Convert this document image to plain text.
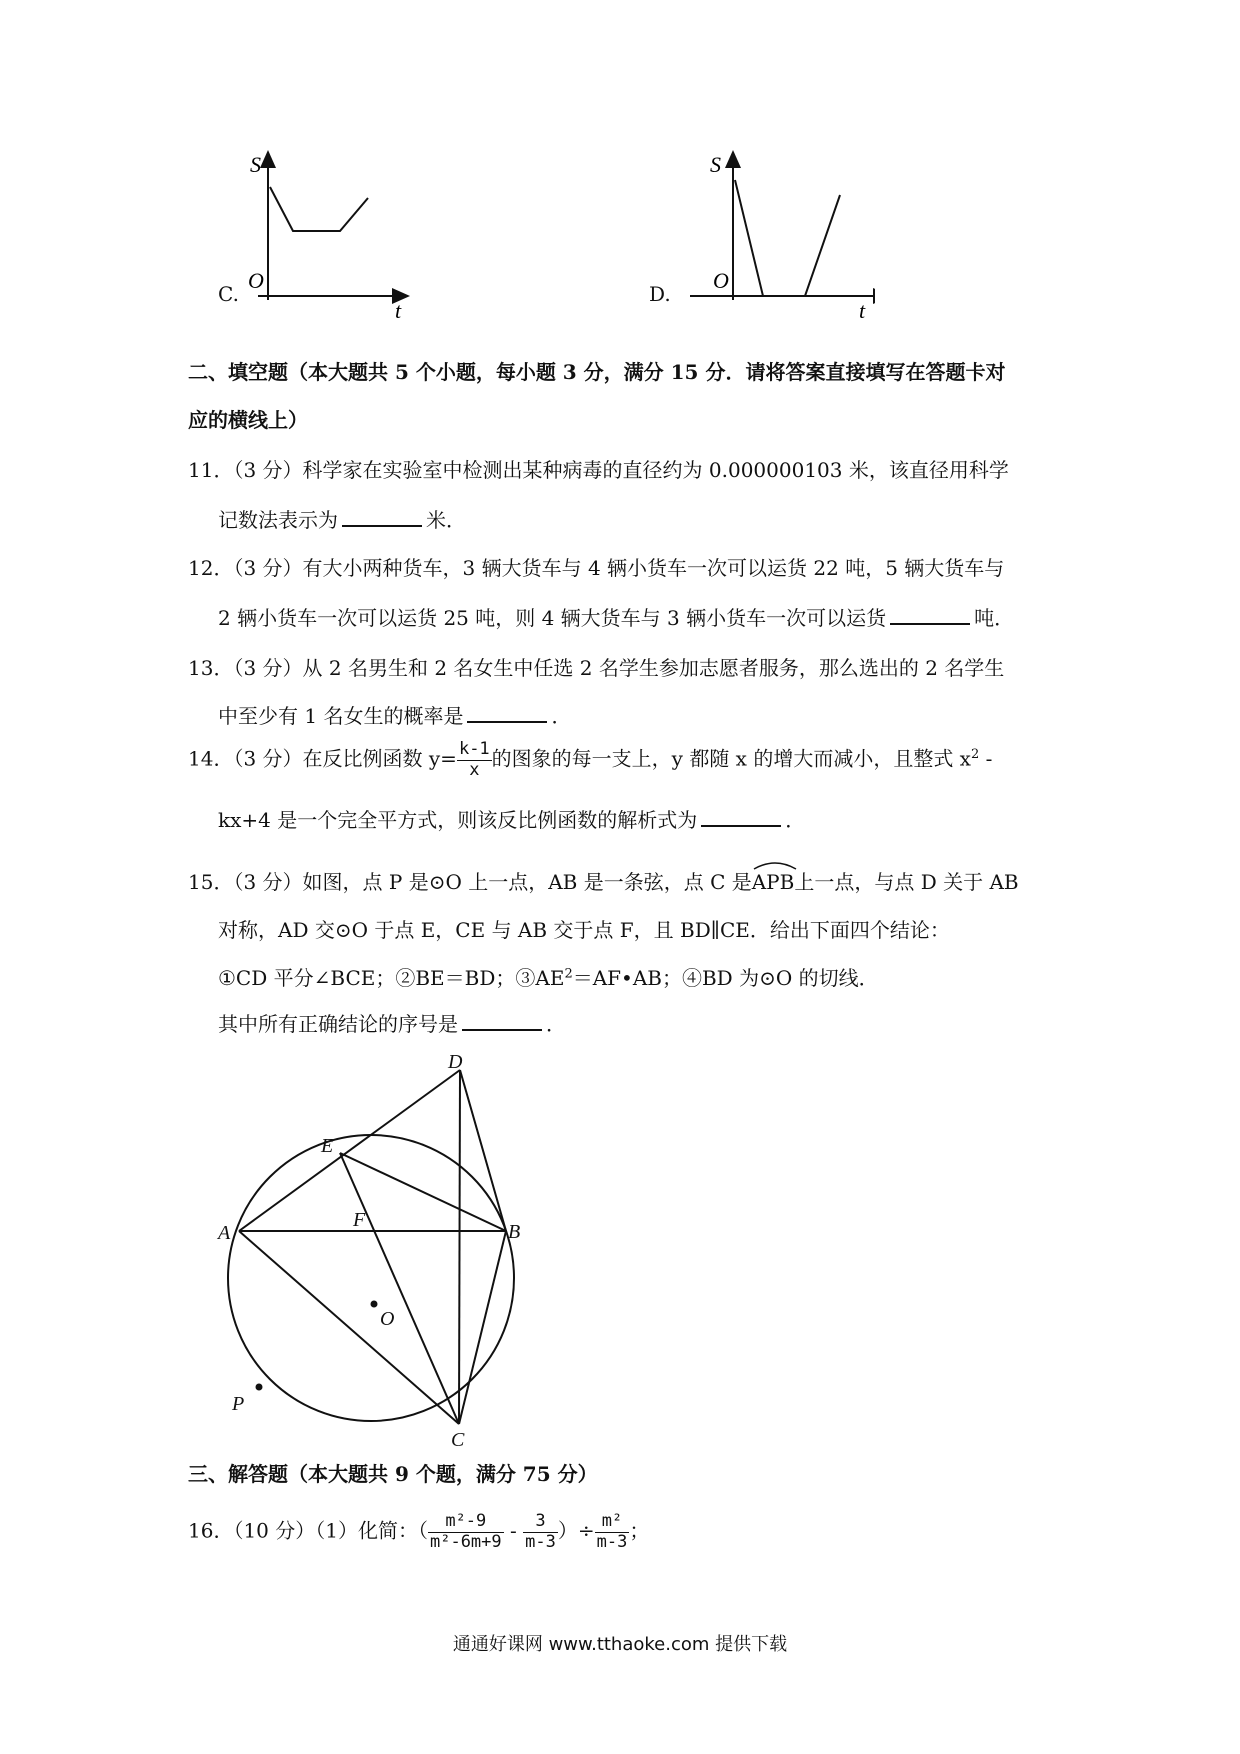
C.
S
t
O
D.
S
t
O
二、填空题（本大题共 5 个小题，每小题 3 分，满分 15 分．请将答案直接填写在答题卡对
应的横线上）
11．（3 分）科学家在实验室中检测出某种病毒的直径约为 0.000000103 米，该直径用科学
记数法表示为	米．
12．（3 分）有大小两种货车，3 辆大货车与 4 辆小货车一次可以运货 22 吨，5 辆大货车与
2 辆小货车一次可以运货 25 吨，则 4 辆大货车与 3 辆小货车一次可以运货	吨．
13．（3 分）从 2 名男生和 2 名女生中任选 2 名学生参加志愿者服务，那么选出的 2 名学生
中至少有 1 名女生的概率是	．
14．（3 分）在反比例函数 $y= \frac{k-1}{x}$ 的图象的每一支上，y 都随 x 的增大而减小，且整式 $x^2$ -
kx+4 是一个完全平方式，则该反比例函数的解析式为	．
15．（3 分）如图，点 P 是⊙O 上一点，AB 是一条弦，点 C 是
APB上一点，与点 D 关于 AB
对称，AD 交⊙O 于点 E，CE 与 AB 交于点 F，且 BD∥CE．给出下面四个结论：
①CD 平分∠BCE；②BE＝BD；$③AE^2=AF•AB$；④BD 为⊙O 的切线．
其中所有正确结论的序号是	．
D
E
A
F
B
O
P
C
三、解答题（本大题共 9 个题，满分 75 分）
16．（10 分）（1）化简：（ $\frac{\text{m²-9}}{\text{m²-6m+9}} - \frac{3}{m-3}$ ）÷ $\frac{\text{m²}}{m-3}$ ；
通通好课网 www.tthaoke.com 提供下载
